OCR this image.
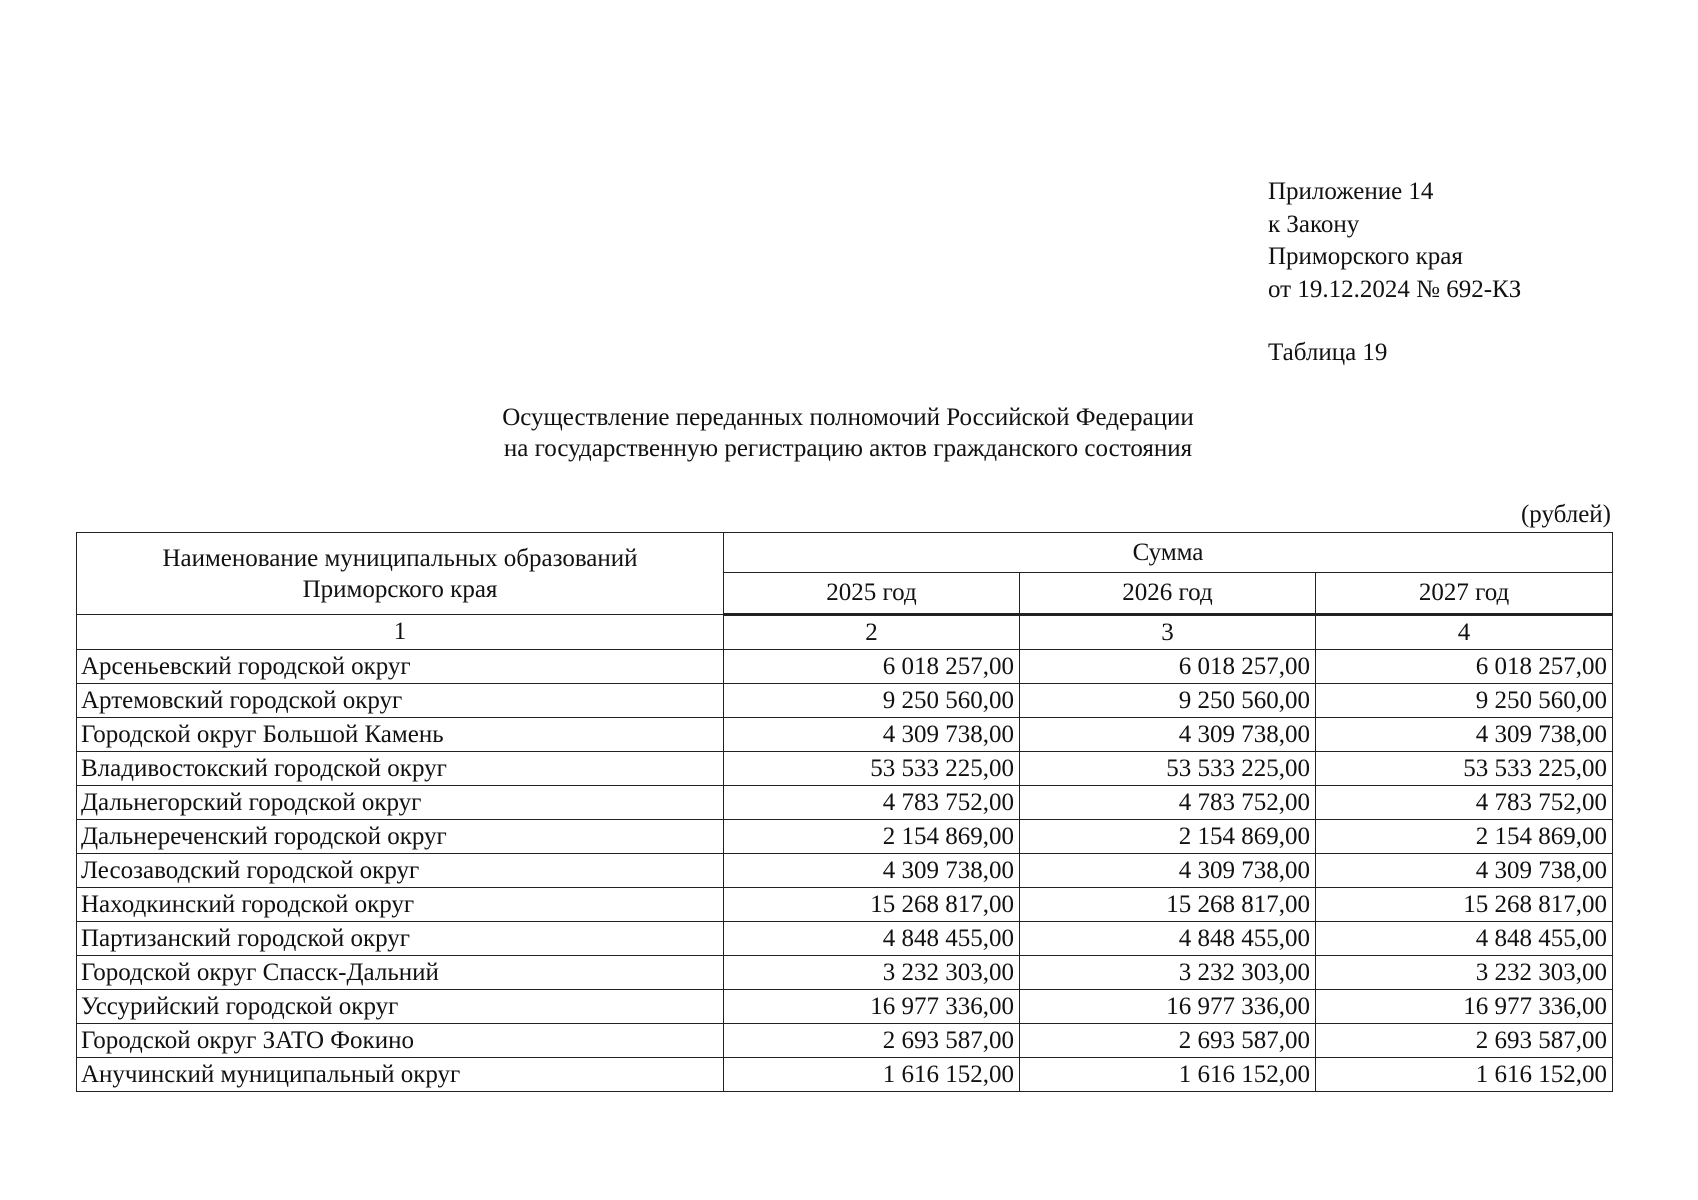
Приложение 14
к Закону
Приморского края
от 19.12.2024 № 692-КЗ
Таблица 19
Осуществление переданных полномочий Российской Федерации
на государственную регистрацию актов гражданского состояния
(рублей)
Наименование муниципальных образований Приморского края	Сумма		
	2025 год	2026 год	2027 год
1	2	3	4
Арсеньевский городской округ	6 018 257,00	6 018 257,00	6 018 257,00
Артемовский городской округ	9 250 560,00	9 250 560,00	9 250 560,00
Городской округ Большой Камень	4 309 738,00	4 309 738,00	4 309 738,00
Владивостокский городской округ	53 533 225,00	53 533 225,00	53 533 225,00
Дальнегорский городской округ	4 783 752,00	4 783 752,00	4 783 752,00
Дальнереченский городской округ	2 154 869,00	2 154 869,00	2 154 869,00
Лесозаводский городской округ	4 309 738,00	4 309 738,00	4 309 738,00
Находкинский городской округ	15 268 817,00	15 268 817,00	15 268 817,00
Партизанский городской округ	4 848 455,00	4 848 455,00	4 848 455,00
Городской округ Спасск-Дальний	3 232 303,00	3 232 303,00	3 232 303,00
Уссурийский городской округ	16 977 336,00	16 977 336,00	16 977 336,00
Городской округ ЗАТО Фокино	2 693 587,00	2 693 587,00	2 693 587,00
Анучинский муниципальный округ	1 616 152,00	1 616 152,00	1 616 152,00
